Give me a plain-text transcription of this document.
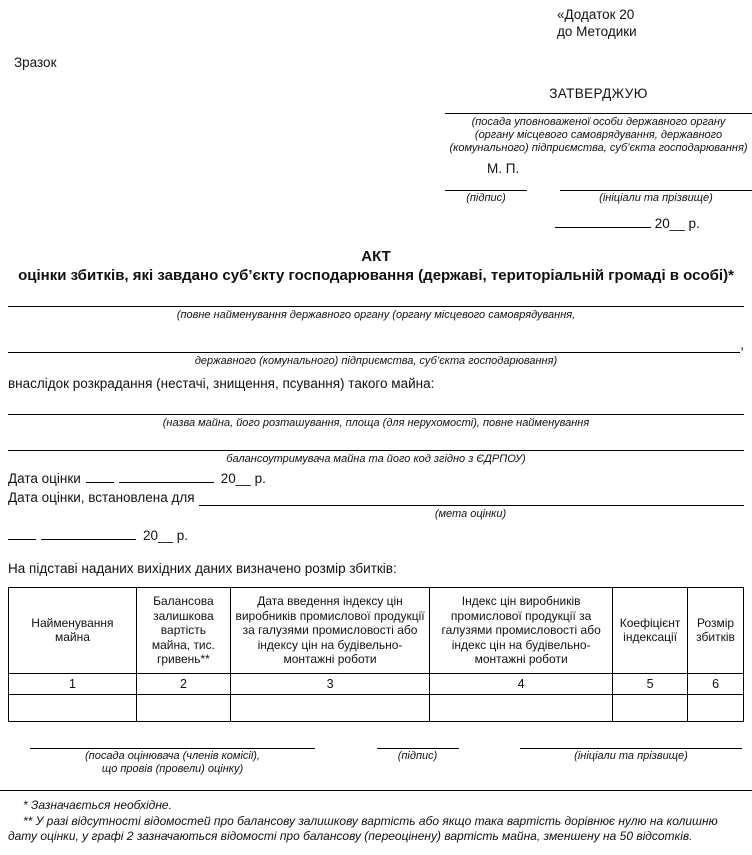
«Додаток 20
до Методики
Зразок
ЗАТВЕРДЖУЮ
(посада уповноваженої особи державного органу
(органу місцевого самоврядування, державного
(комунального) підприємства, суб’єкта господарювання)
М. П.
(підпис)	(ініціали та прізвище)
20__ р.
АКТ
оцінки збитків, які завдано суб’єкту господарювання (державі, територіальній громаді в особі)*
(повне найменування державного органу (органу місцевого самоврядування,
,
державного (комунального) підприємства, суб’єкта господарювання)
внаслідок розкрадання (нестачі, знищення, псування) такого майна:
(назва майна, його розташування, площа (для нерухомості), повне найменування
балансоутримувача майна та його код згідно з ЄДРПОУ)
Дата оцінки	20__ р.
Дата оцінки, встановлена для
(мета оцінки)
20__ р.
На підставі наданих вихідних даних визначено розмір збитків:
Найменування майна	Балансова залишкова вартість майна, тис. гривень**	Дата введення індексу цін виробників промислової продукції за галузями промисловості або індексу цін на будівельно-монтажні роботи	Індекс цін виробників промислової продукції за галузями промисловості або індекс цін на будівельно-монтажні роботи	Коефіцієнт індексації	Розмір збитків
1	2	3	4	5	6

(посада оцінювача (членів комісії),
що провів (провели) оцінку)
(підпис)	(ініціали та прізвище)

* Зазначається необхідне.

** У разі відсутності відомостей про балансову залишкову вартість або якщо така вартість дорівнює нулю на колишню дату оцінки, у графі 2 зазначаються відомості про балансову (переоцінену) вартість майна, зменшену на 50 відсотків.
